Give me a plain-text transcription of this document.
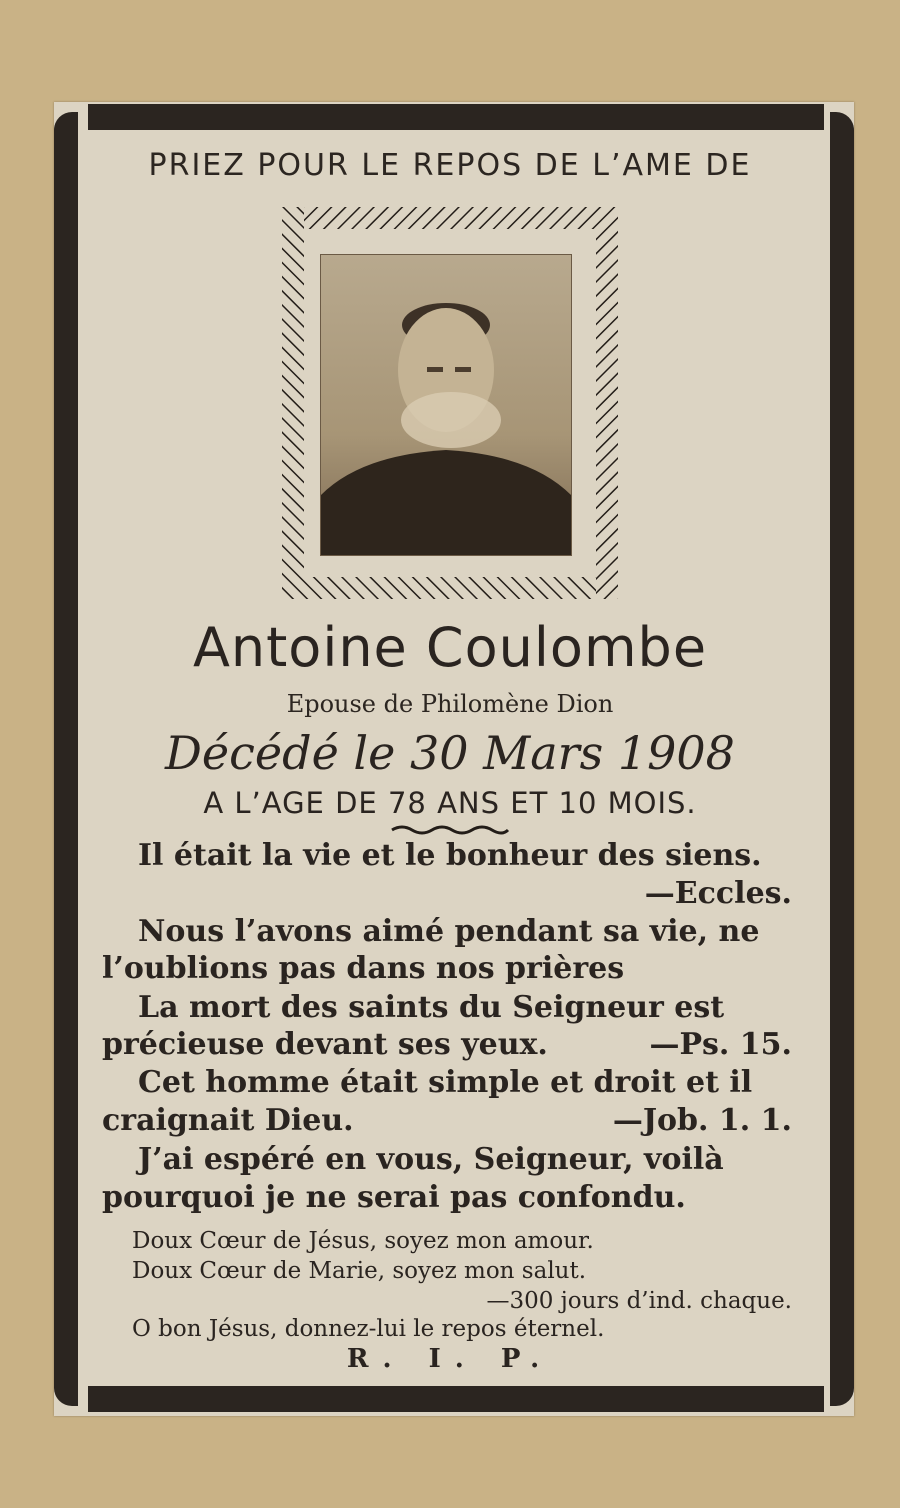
PRIEZ POUR LE REPOS DE L’AME DE
Antoine Coulombe
Epouse de Philomène Dion
Décédé le 30 Mars 1908
A L’AGE DE 78 ANS ET 10 MOIS.
Il était la vie et le bonheur des siens.
—Eccles.
Nous l’avons aimé pendant sa vie, ne
l’oublions pas dans nos prières
La mort des saints du Seigneur est
précieuse devant ses yeux.	—Ps. 15.
Cet homme était simple et droit et il
craignait Dieu.	—Job. 1. 1.
J’ai espéré en vous, Seigneur, voilà
pourquoi je ne serai pas confondu.
Doux Cœur de Jésus, soyez mon amour.
Doux Cœur de Marie, soyez mon salut.
—300 jours d’ind. chaque.
O bon Jésus, donnez-lui le repos éternel.
R. I. P.
